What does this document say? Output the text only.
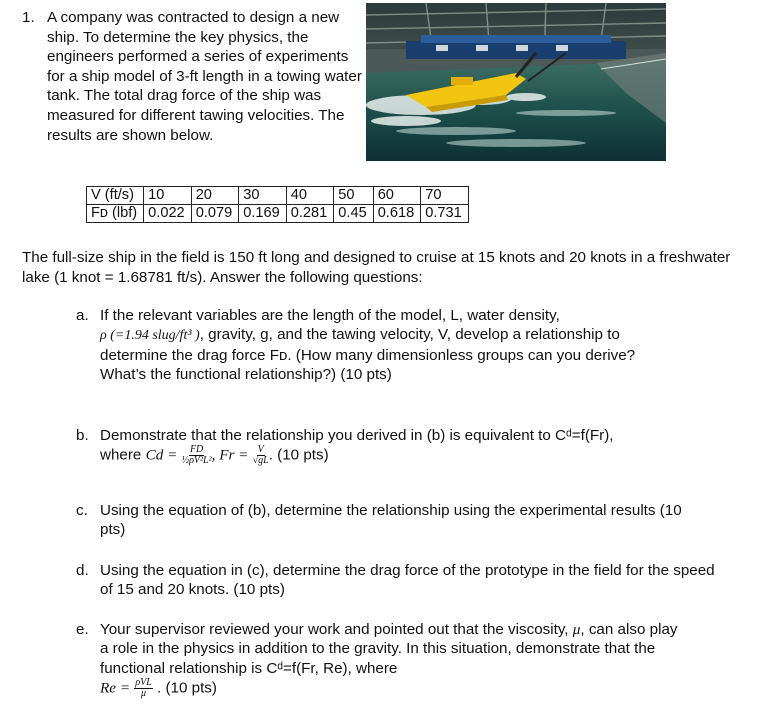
1. A company was contracted to design a new ship. To determine the key physics, the engineers performed a series of experiments for a ship model of 3-ft length in a towing water tank. The total drag force of the ship was measured for different tawing velocities. The results are shown below.
V (ft/s)	10	20	30	40	50	60	70
Fᴅ (lbf)	0.022	0.079	0.169	0.281	0.45	0.618	0.731
The full-size ship in the field is 150 ft long and designed to cruise at 15 knots and 20 knots in a freshwater lake (1 knot = 1.68781 ft/s). Answer the following questions:
a. If the relevant variables are the length of the model, L, water density,
ρ (=1.94 slug/ft³ ), gravity, g, and the tawing velocity, V, develop a relationship to determine the drag force Fᴅ. (How many dimensionless groups can you derive? What’s the functional relationship?) (10 pts)
b. Demonstrate that the relationship you derived in (b) is equivalent to Cᵈ=f(Fr),
where $Cd = \frac{FD}{\text{½ρV²L²}}$ , $Fr = \frac{V}{√gL}$ . (10 pts)
c. Using the equation of (b), determine the relationship using the experimental results (10 pts)
d. Using the equation in (c), determine the drag force of the prototype in the field for the speed of 15 and 20 knots. (10 pts)
e. Your supervisor reviewed your work and pointed out that the viscosity, μ, can also play a role in the physics in addition to the gravity. In this situation, demonstrate that the functional relationship is Cᵈ=f(Fr, Re), where
$Re = \frac{\text{ρVL}}{\mu}$ . (10 pts)
